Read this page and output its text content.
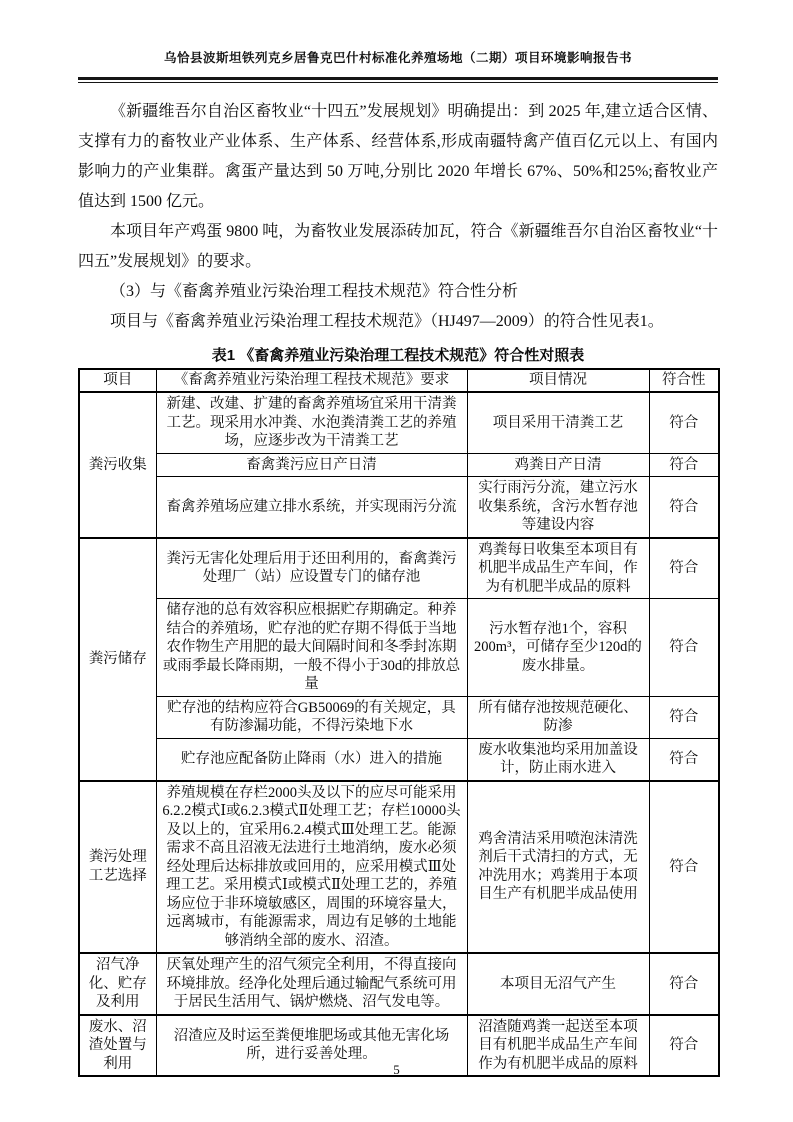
乌恰县波斯坦铁列克乡居鲁克巴什村标准化养殖场地（二期）项目环境影响报告书

《新疆维吾尔自治区畜牧业“十四五”发展规划》明确提出：到 2025 年,建立适合区情、支撑有力的畜牧业产业体系、生产体系、经营体系,形成南疆特禽产值百亿元以上、有国内影响力的产业集群。禽蛋产量达到 50 万吨,分别比 2020 年增长 67%、50%和25%;畜牧业产值达到 1500 亿元。

本项目年产鸡蛋 9800 吨，为畜牧业发展添砖加瓦，符合《新疆维吾尔自治区畜牧业“十四五”发展规划》的要求。

（3）与《畜禽养殖业污染治理工程技术规范》符合性分析

项目与《畜禽养殖业污染治理工程技术规范》（HJ497—2009）的符合性见表1。

表1 《畜禽养殖业污染治理工程技术规范》符合性对照表
项目	《畜禽养殖业污染治理工程技术规范》要求	项目情况	符合性
粪污收集	新建、改建、扩建的畜禽养殖场宜采用干清粪工艺。现采用水冲粪、水泡粪清粪工艺的养殖场，应逐步改为干清粪工艺	项目采用干清粪工艺	符合
	畜禽粪污应日产日清	鸡粪日产日清	符合
	畜禽养殖场应建立排水系统，并实现雨污分流	实行雨污分流，建立污水收集系统，含污水暂存池等建设内容	符合
粪污储存	粪污无害化处理后用于还田利用的，畜禽粪污处理厂（站）应设置专门的储存池	鸡粪每日收集至本项目有机肥半成品生产车间，作为有机肥半成品的原料	符合
	储存池的总有效容积应根据贮存期确定。种养结合的养殖场，贮存池的贮存期不得低于当地农作物生产用肥的最大间隔时间和冬季封冻期或雨季最长降雨期，一般不得小于30d的排放总量	污水暂存池1个，容积200m³，可储存至少120d的废水排量。	符合
	贮存池的结构应符合GB50069的有关规定，具有防渗漏功能，不得污染地下水	所有储存池按规范硬化、防渗	符合
	贮存池应配备防止降雨（水）进入的措施	废水收集池均采用加盖设计，防止雨水进入	符合
粪污处理工艺选择	养殖规模在存栏2000头及以下的应尽可能采用6.2.2模式Ⅰ或6.2.3模式Ⅱ处理工艺；存栏10000头及以上的，宜采用6.2.4模式Ⅲ处理工艺。能源需求不高且沼液无法进行土地消纳，废水必须经处理后达标排放或回用的，应采用模式Ⅲ处理工艺。采用模式Ⅰ或模式Ⅱ处理工艺的，养殖场应位于非环境敏感区，周围的环境容量大，远离城市，有能源需求，周边有足够的土地能够消纳全部的废水、沼渣。	鸡舍清洁采用喷泡沫清洗剂后干式清扫的方式，无冲洗用水；鸡粪用于本项目生产有机肥半成品使用	符合
沼气净化、贮存及利用	厌氧处理产生的沼气须完全利用，不得直接向环境排放。经净化处理后通过输配气系统可用于居民生活用气、锅炉燃烧、沼气发电等。	本项目无沼气产生	符合
废水、沼渣处置与利用	沼渣应及时运至粪便堆肥场或其他无害化场所，进行妥善处理。	沼渣随鸡粪一起送至本项目有机肥半成品生产车间作为有机肥半成品的原料	符合
5
